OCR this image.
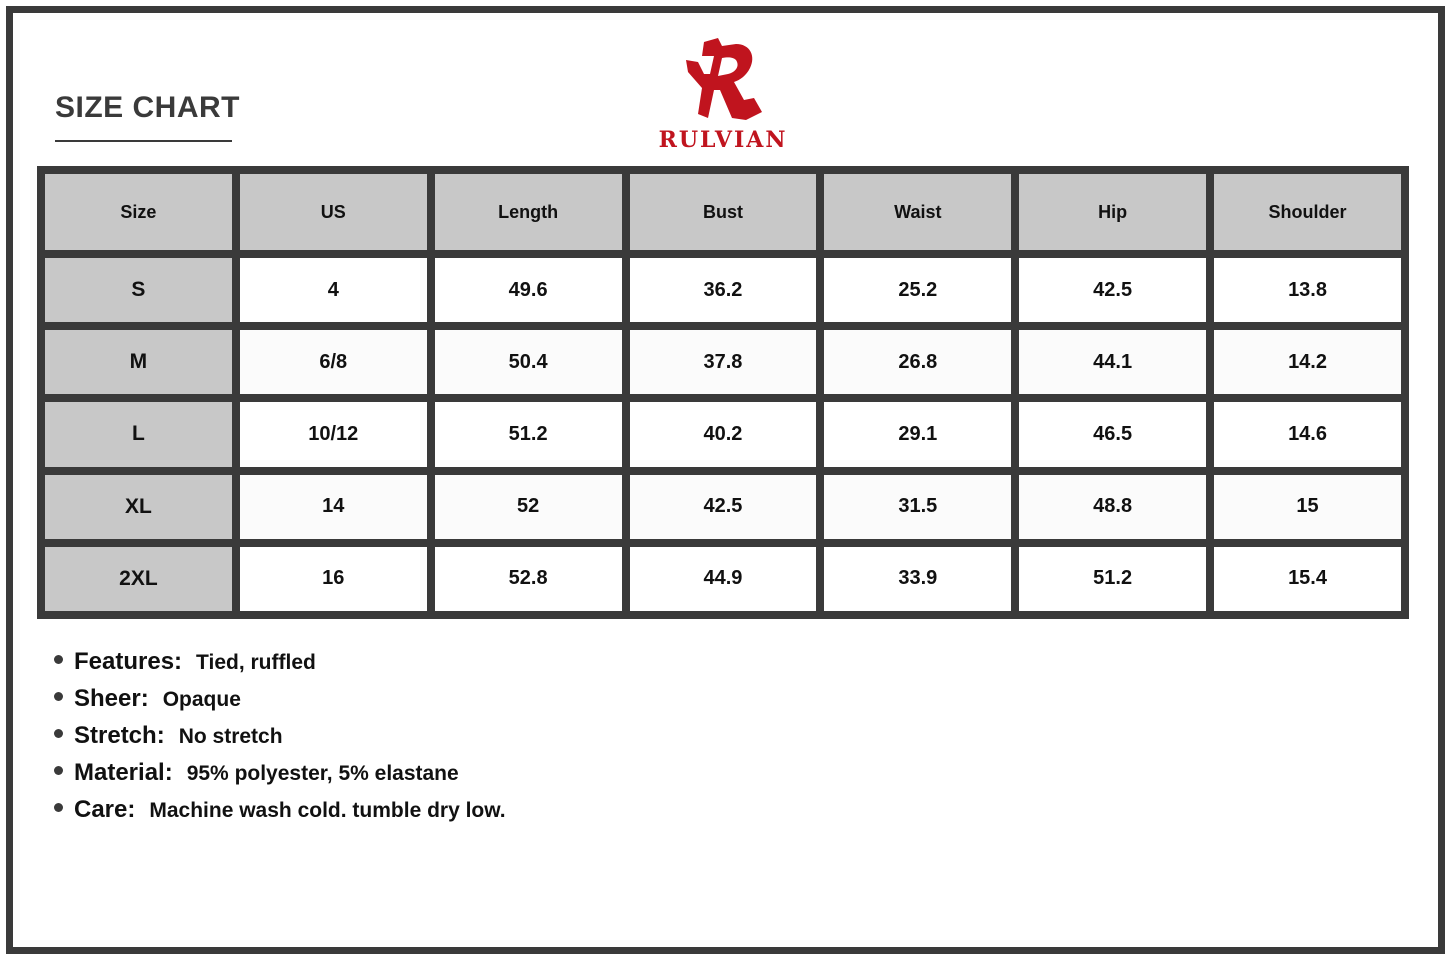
SIZE CHART
RULVIAN
Size	US	Length	Bust	Waist	Hip	Shoulder
S	4	49.6	36.2	25.2	42.5	13.8
M	6/8	50.4	37.8	26.8	44.1	14.2
L	10/12	51.2	40.2	29.1	46.5	14.6
XL	14	52	42.5	31.5	48.8	15
2XL	16	52.8	44.9	33.9	51.2	15.4
Features: Tied, ruffled
Sheer: Opaque
Stretch: No stretch
Material: 95% polyester, 5% elastane
Care: Machine wash cold. tumble dry low.
